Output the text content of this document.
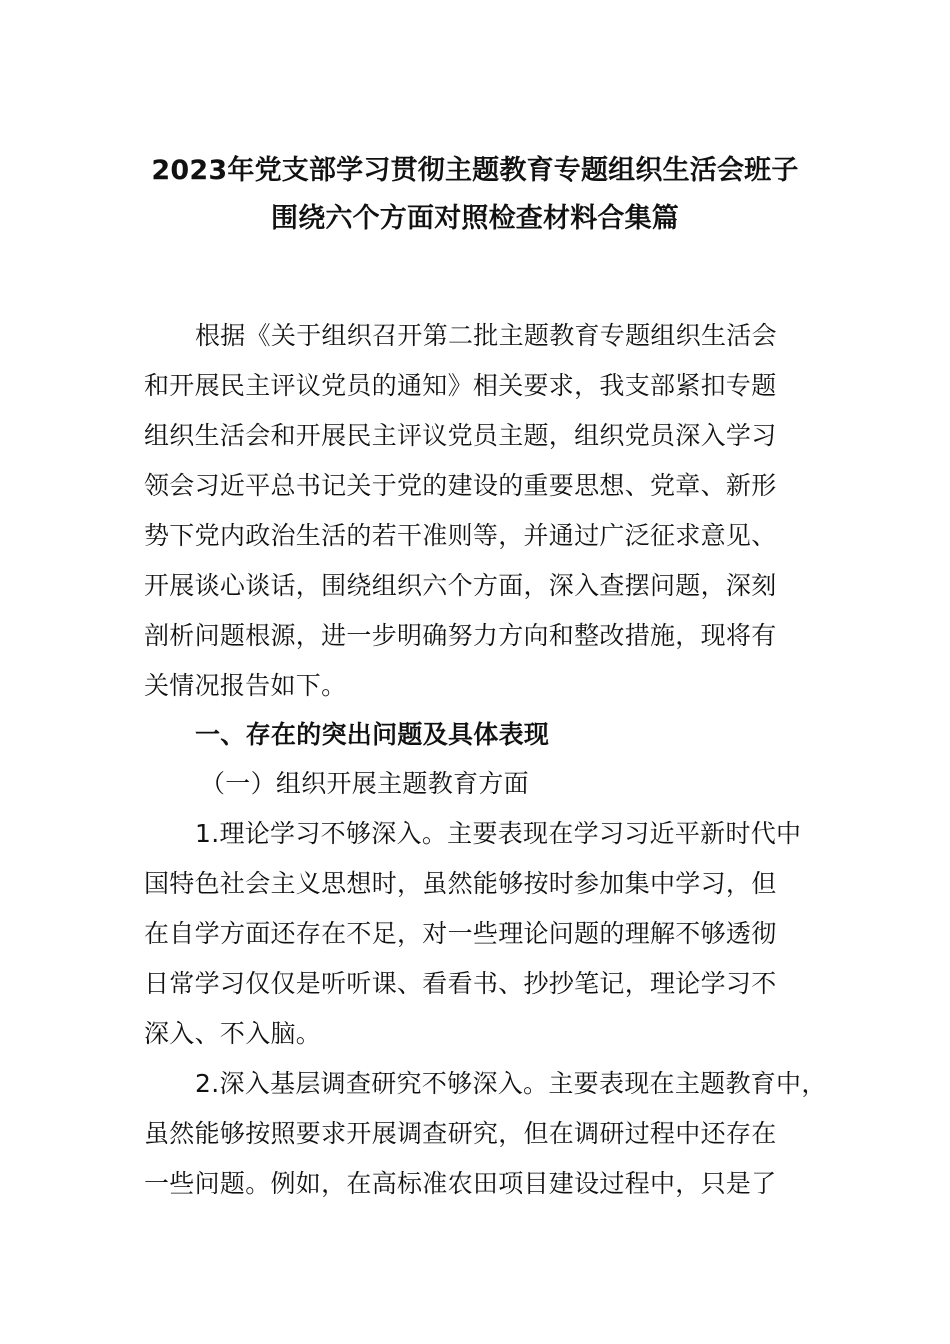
2023年党支部学习贯彻主题教育专题组织生活会班子
围绕六个方面对照检查材料合集篇
根据《关于组织召开第二批主题教育专题组织生活会
和开展民主评议党员的通知》相关要求，我支部紧扣专题
组织生活会和开展民主评议党员主题，组织党员深入学习
领会习近平总书记关于党的建设的重要思想、党章、新形
势下党内政治生活的若干准则等，并通过广泛征求意见、
开展谈心谈话，围绕组织六个方面，深入查摆问题，深刻
剖析问题根源，进一步明确努力方向和整改措施，现将有
关情况报告如下。
一、存在的突出问题及具体表现
（一）组织开展主题教育方面
1.理论学习不够深入。主要表现在学习习近平新时代中
国特色社会主义思想时，虽然能够按时参加集中学习，但
在自学方面还存在不足，对一些理论问题的理解不够透彻
日常学习仅仅是听听课、看看书、抄抄笔记，理论学习不
深入、不入脑。
2.深入基层调查研究不够深入。主要表现在主题教育中，
虽然能够按照要求开展调查研究，但在调研过程中还存在
一些问题。例如，在高标准农田项目建设过程中，只是了
